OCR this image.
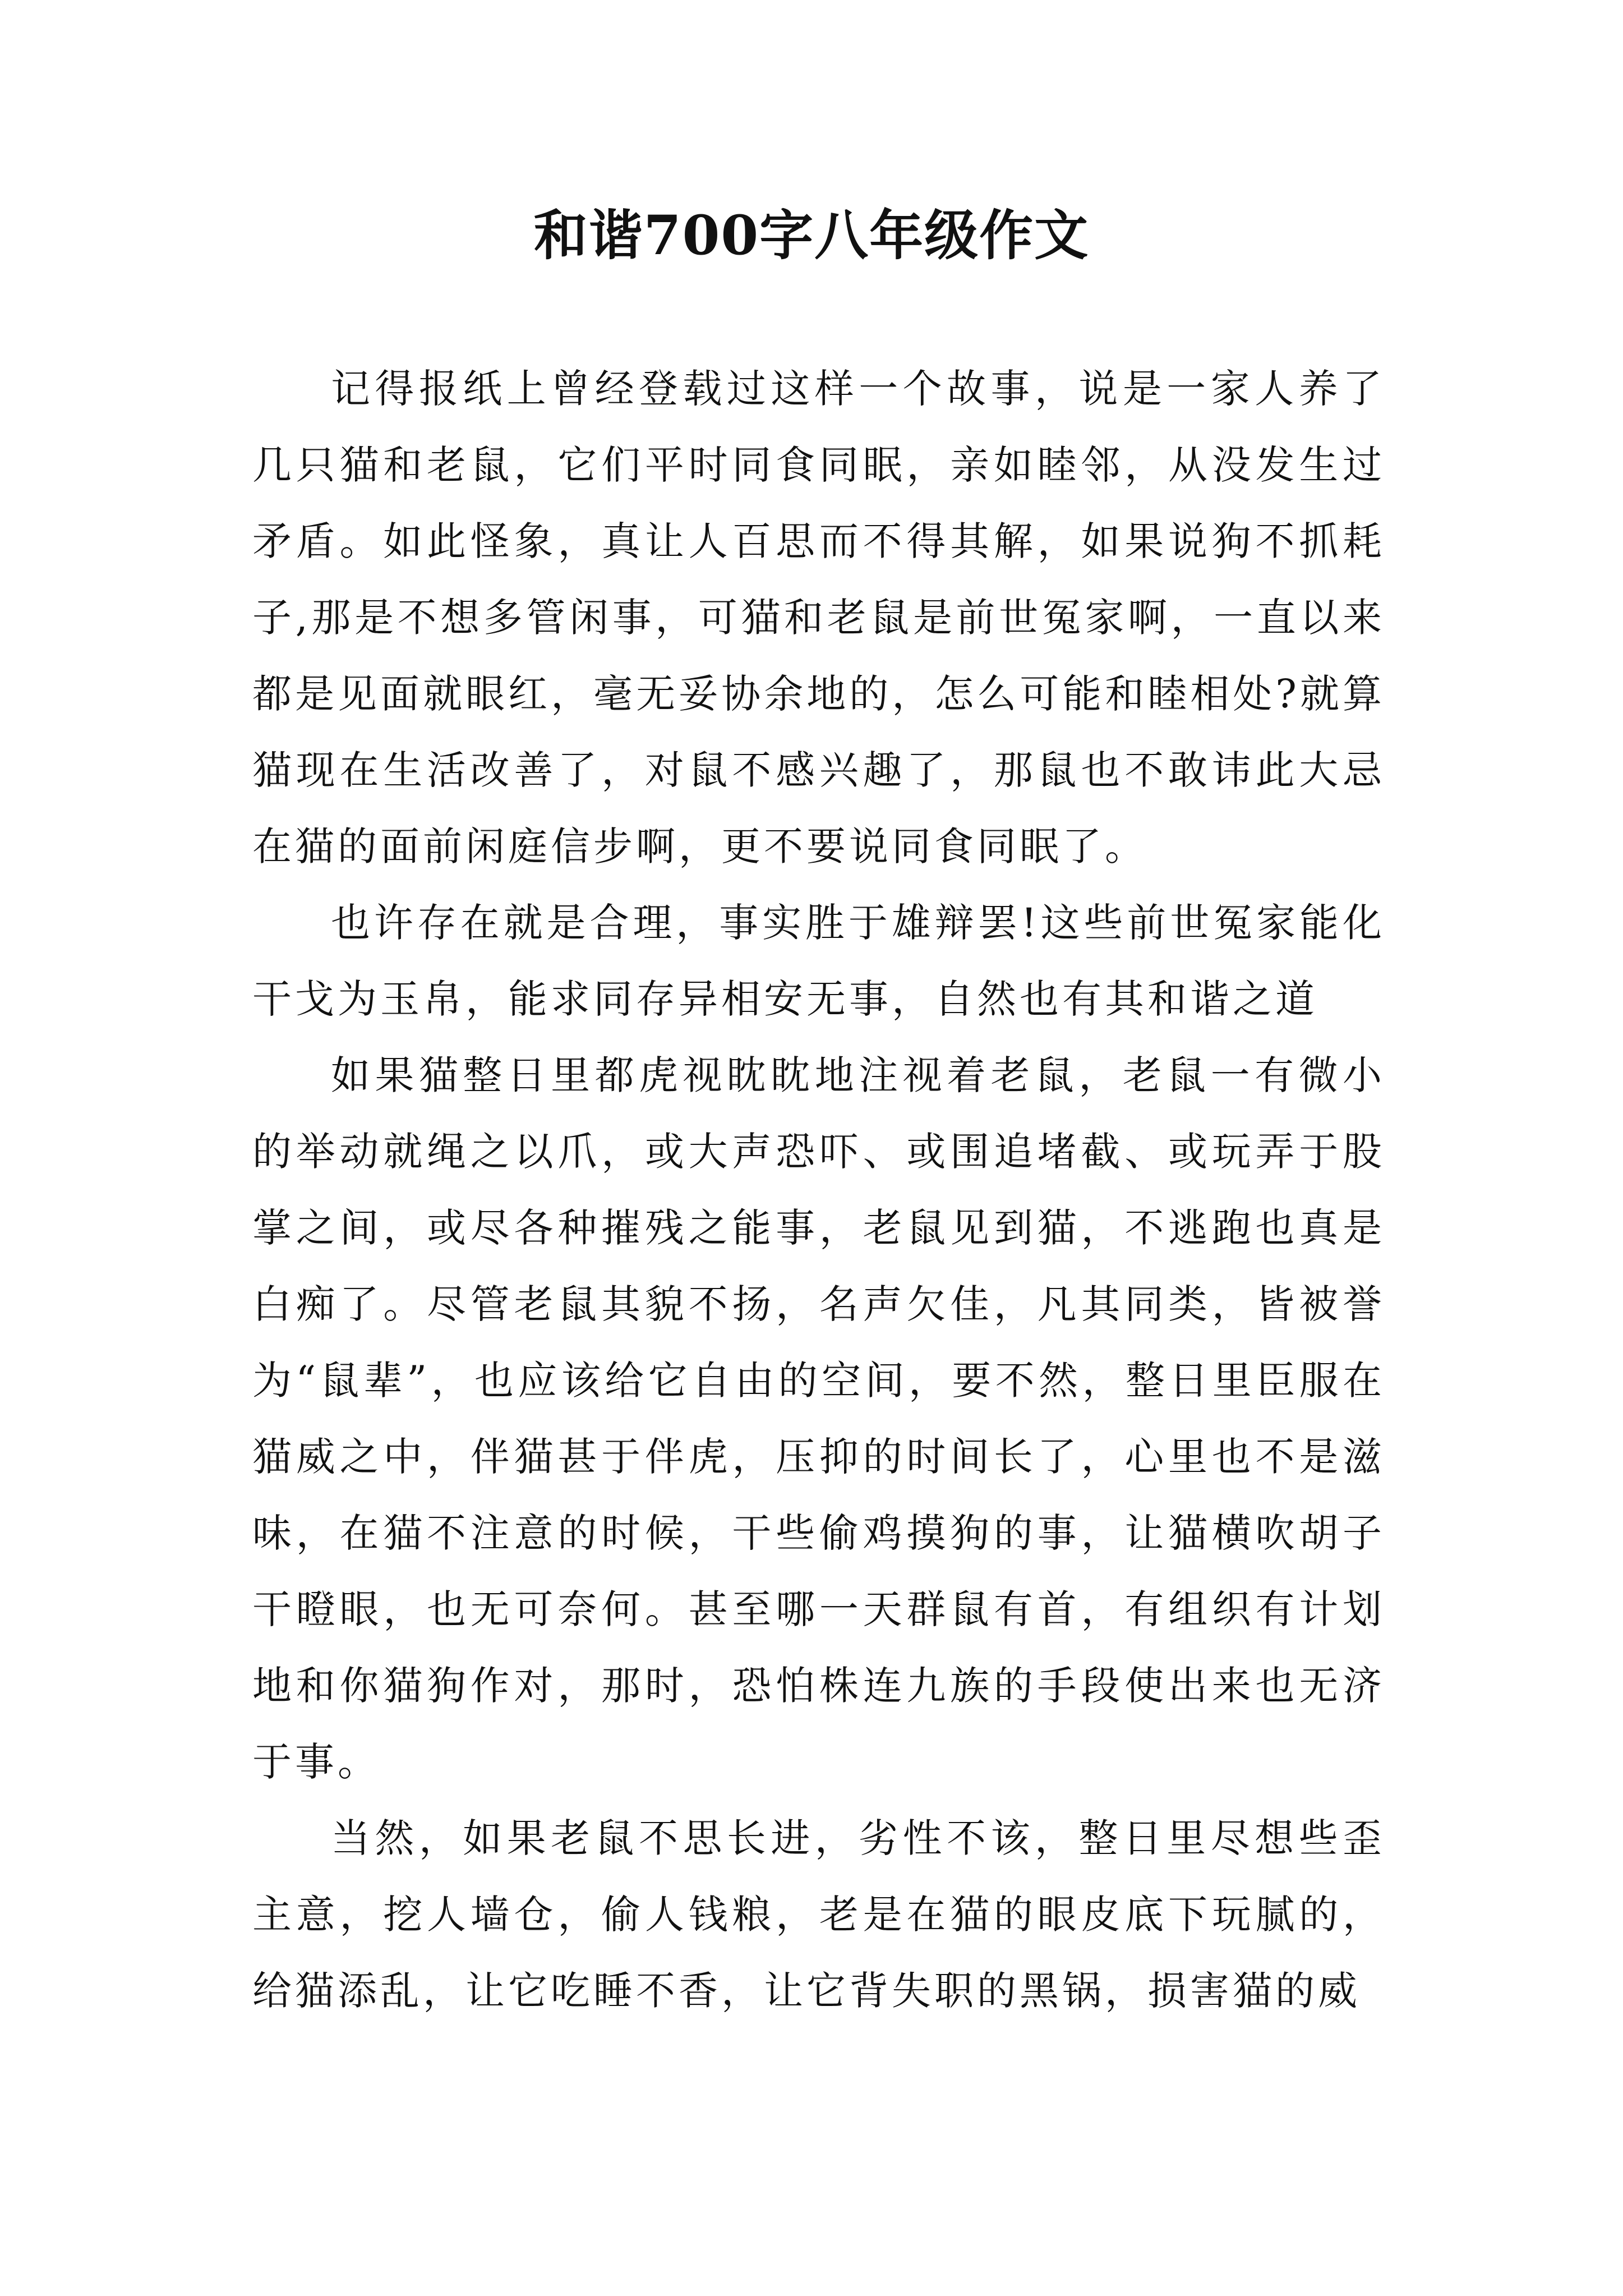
和谐700字八年级作文

记得报纸上曾经登载过这样一个故事，说是一家人养了几只猫和老鼠，它们平时同食同眠，亲如睦邻，从没发生过矛盾。如此怪象，真让人百思而不得其解，如果说狗不抓耗子,那是不想多管闲事，可猫和老鼠是前世冤家啊，一直以来都是见面就眼红，毫无妥协余地的，怎么可能和睦相处?就算猫现在生活改善了，对鼠不感兴趣了，那鼠也不敢讳此大忌在猫的面前闲庭信步啊，更不要说同食同眠了。

也许存在就是合理，事实胜于雄辩罢!这些前世冤家能化干戈为玉帛，能求同存异相安无事，自然也有其和谐之道

如果猫整日里都虎视眈眈地注视着老鼠，老鼠一有微小的举动就绳之以爪，或大声恐吓、或围追堵截、或玩弄于股掌之间，或尽各种摧残之能事，老鼠见到猫，不逃跑也真是白痴了。尽管老鼠其貌不扬，名声欠佳，凡其同类，皆被誉为“鼠辈”，也应该给它自由的空间，要不然，整日里臣服在猫威之中，伴猫甚于伴虎，压抑的时间长了，心里也不是滋味，在猫不注意的时候，干些偷鸡摸狗的事，让猫横吹胡子干瞪眼，也无可奈何。甚至哪一天群鼠有首，有组织有计划地和你猫狗作对，那时，恐怕株连九族的手段使出来也无济于事。

当然，如果老鼠不思长进，劣性不该，整日里尽想些歪主意，挖人墙仓，偷人钱粮，老是在猫的眼皮底下玩腻的，给猫添乱，让它吃睡不香，让它背失职的黑锅，损害猫的威
